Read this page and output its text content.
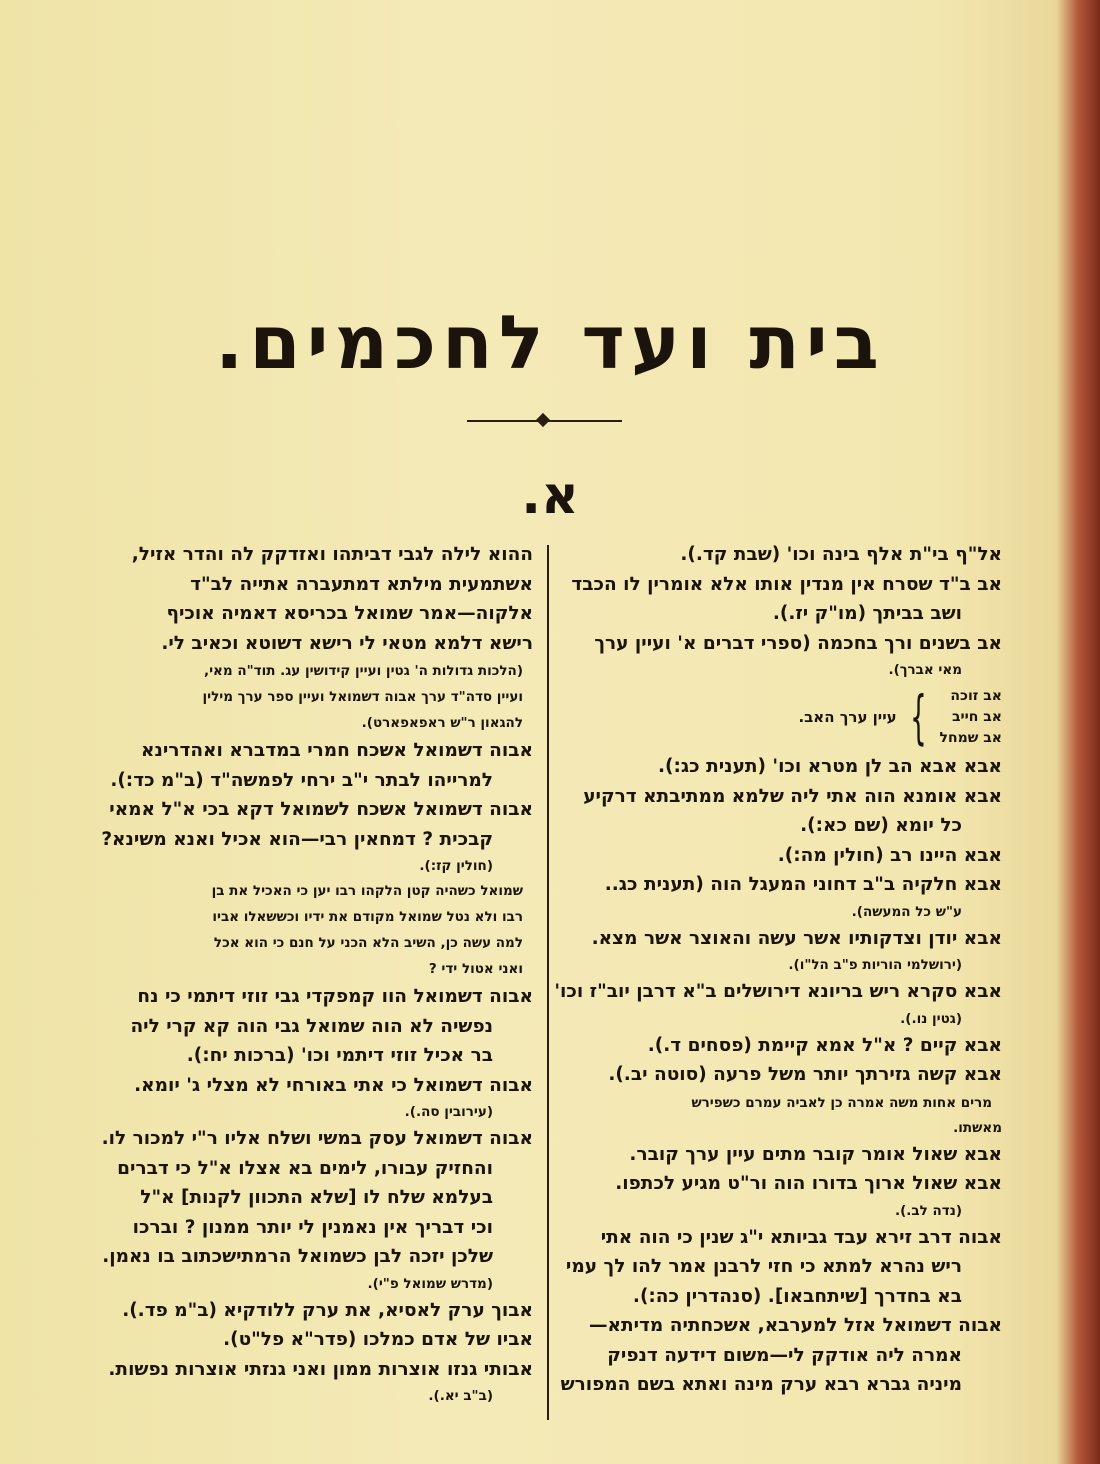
בית ועד לחכמים.
א.
אל"ף בי"ת אלף בינה וכו' (שבת קד.).
אב ב"ד שסרח אין מנדין אותו אלא אומרין לו הכבד
ושב בביתך (מו"ק יז.).
אב בשנים ורך בחכמה (ספרי דברים א' ועיין ערך
מאי אברך).
אב זוכה
אב חייב
אב שמחל
}
עיין ערך האב.
אבא אבא הב לן מטרא וכו' (תענית כג:).
אבא אומנא הוה אתי ליה שלמא ממתיבתא דרקיע
כל יומא (שם כא:).
אבא היינו רב (חולין מה:).
אבא חלקיה ב"ב דחוני המעגל הוה (תענית כג..
ע"ש כל המעשה).
אבא יודן וצדקותיו אשר עשה והאוצר אשר מצא.
(ירושלמי הוריות פ"ב הל"ו).
אבא סקרא ריש בריונא דירושלים ב"א דרבן יוב"ז וכו'
(גטין נו.).
אבא קיים ? א"ל אמא קיימת (פסחים ד.).
אבא קשה גזירתך יותר משל פרעה (סוטה יב.).
מרים אחות משה אמרה כן לאביה עמרם כשפירש
מאשתו.
אבא שאול אומר קובר מתים עיין ערך קובר.
אבא שאול ארוך בדורו הוה ור"ט מגיע לכתפו.
(נדה לב.).
אבוה דרב זירא עבד גביותא י"ג שנין כי הוה אתי
ריש נהרא למתא כי חזי לרבנן אמר להו לך עמי
בא בחדרך [שיתחבאו]. (סנהדרין כה:).
אבוה דשמואל אזל למערבא, אשכחתיה מדיתא—
אמרה ליה אודקק לי—משום דידעה דנפיק
מיניה גברא רבא ערק מינה ואתא בשם המפורש
ההוא לילה לגבי דביתהו ואזדקק לה והדר אזיל,
אשתמעית מילתא דמתעברה אתייה לב"ד
אלקוה—אמר שמואל בכריסא דאמיה אוכיף
רישא דלמא מטאי לי רישא דשוטא וכאיב לי.
(הלכות גדולות ה' גטין ועיין קידושין עג. תוד"ה מאי,
ועיין סדה"ד ערך אבוה דשמואל ועיין ספר ערך מילין
להגאון ר"ש ראפאפארט).
אבוה דשמואל אשכח חמרי במדברא ואהדרינא
למרייהו לבתר י"ב ירחי לפמשה"ד (ב"מ כד:).
אבוה דשמואל אשכח לשמואל דקא בכי א"ל אמאי
קבכית ? דמחאין רבי—הוא אכיל ואנא משינא?
(חולין קז:).
שמואל כשהיה קטן הלקהו רבו יען כי האכיל את בן
רבו ולא נטל שמואל מקודם את ידיו וכששאלו אביו
למה עשה כן, השיב הלא הכני על חנם כי הוא אכל
ואני אטול ידי ?
אבוה דשמואל הוו קמפקדי גבי זוזי דיתמי כי נח
נפשיה לא הוה שמואל גבי הוה קא קרי ליה
בר אכיל זוזי דיתמי וכו' (ברכות יח:).
אבוה דשמואל כי אתי באורחי לא מצלי ג' יומא.
(עירובין סה.).
אבוה דשמואל עסק במשי ושלח אליו ר"י למכור לו.
והחזיק עבורו, לימים בא אצלו א"ל כי דברים
בעלמא שלח לו [שלא התכוון לקנות] א"ל
וכי דבריך אין נאמנין לי יותר ממנון ? וברכו
שלכן יזכה לבן כשמואל הרמתישכתוב בו נאמן.
(מדרש שמואל פ"י).
אבוך ערק לאסיא, את ערק ללודקיא (ב"מ פד.).
אביו של אדם כמלכו (פדר"א פל"ט).
אבותי גנזו אוצרות ממון ואני גנזתי אוצרות נפשות.
(ב"ב יא.).
